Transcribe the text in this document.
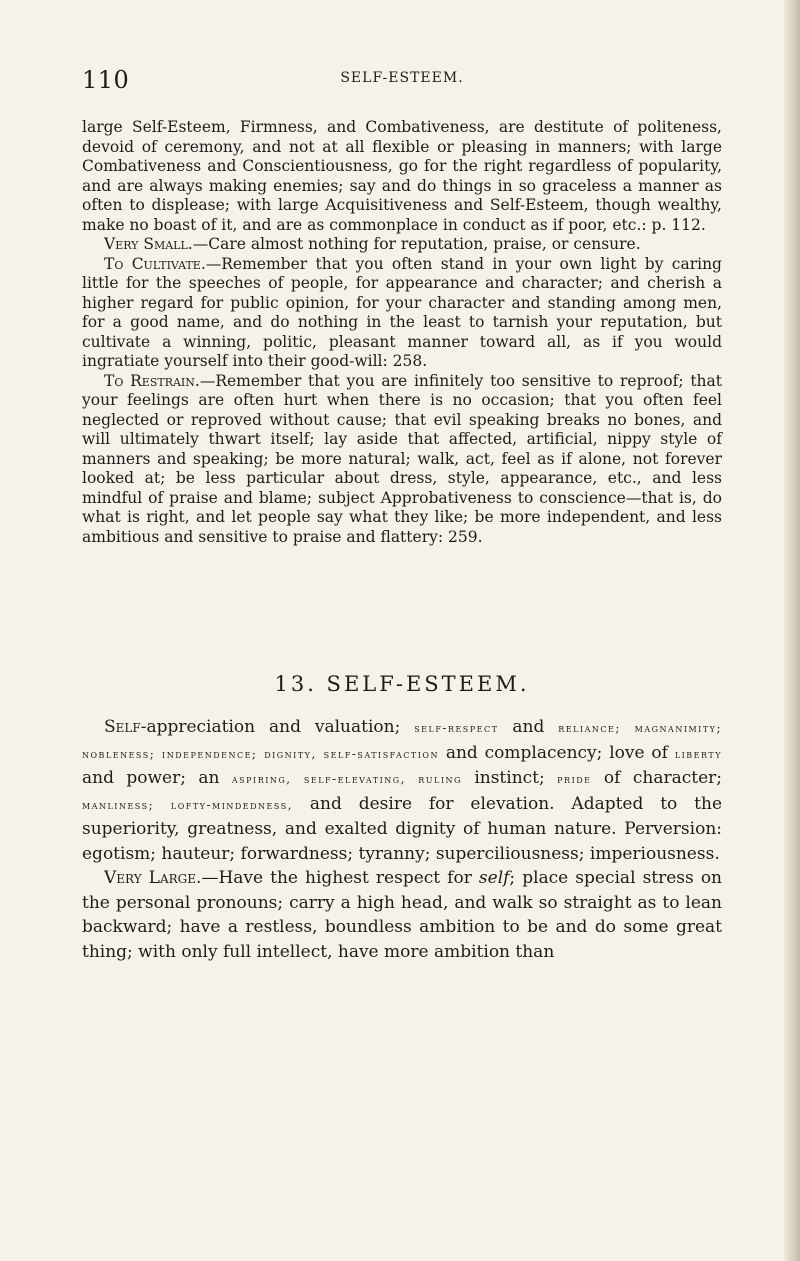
110	SELF-ESTEEM.

large Self-Esteem, Firmness, and Combativeness, are destitute of politeness, devoid of ceremony, and not at all flexible or pleasing in manners; with large Combativeness and Conscientiousness, go for the right regardless of popularity, and are always making enemies; say and do things in so graceless a manner as often to displease; with large Acquisitiveness and Self-Esteem, though wealthy, make no boast of it, and are as commonplace in conduct as if poor, etc.: p. 112.

Very Small.—Care almost nothing for reputation, praise, or censure.

To Cultivate.—Remember that you often stand in your own light by caring little for the speeches of people, for appearance and character; and cherish a higher regard for public opinion, for your character and standing among men, for a good name, and do nothing in the least to tarnish your reputation, but cultivate a winning, politic, pleasant manner toward all, as if you would ingratiate yourself into their good-will: 258.

To Restrain.—Remember that you are infinitely too sensitive to reproof; that your feelings are often hurt when there is no occasion; that you often feel neglected or reproved without cause; that evil speaking breaks no bones, and will ultimately thwart itself; lay aside that affected, artificial, nippy style of manners and speaking; be more natural; walk, act, feel as if alone, not forever looked at; be less particular about dress, style, appearance, etc., and less mindful of praise and blame; subject Approbativeness to conscience—that is, do what is right, and let people say what they like; be more independent, and less ambitious and sensitive to praise and flattery: 259.

13. SELF-ESTEEM.

Self-appreciation and valuation; self-respect and reliance; magnanimity; nobleness; independence; dignity, self-satisfaction and complacency; love of liberty and power; an aspiring, self-elevating, ruling instinct; pride of character; manliness; lofty-mindedness, and desire for elevation. Adapted to the superiority, greatness, and exalted dignity of human nature. Perversion: egotism; hauteur; forwardness; tyranny; superciliousness; imperiousness.

Very Large.—Have the highest respect for self; place special stress on the personal pronouns; carry a high head, and walk so straight as to lean backward; have a restless, boundless ambition to be and do some great thing; with only full intellect, have more ambition than
